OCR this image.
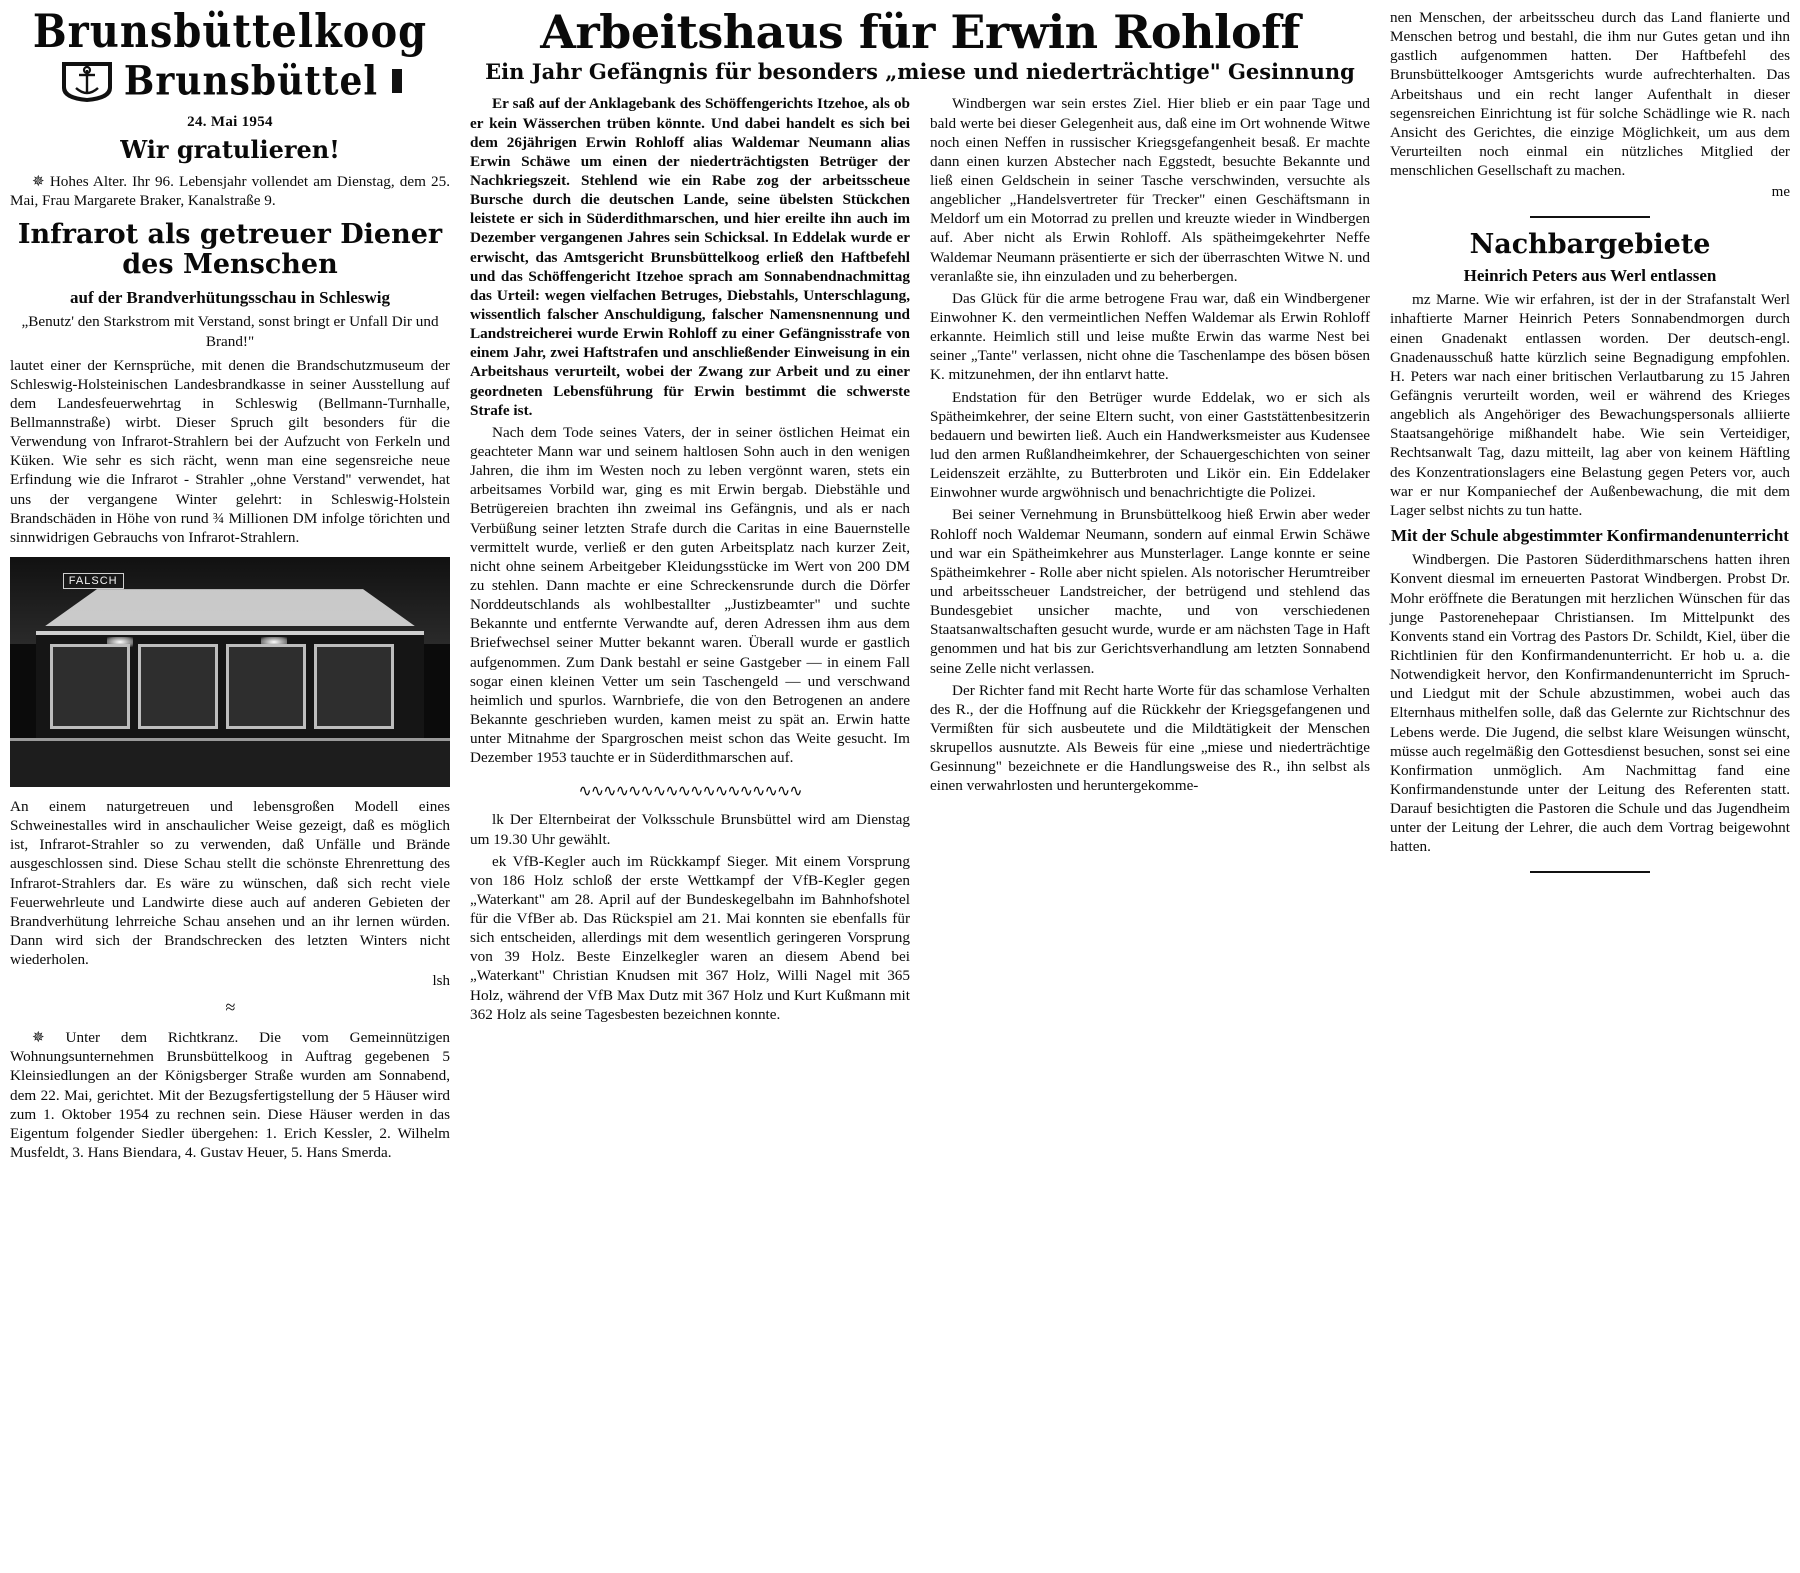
Brunsbüttelkoog
Brunsbüttel
24. Mai 1954
Wir gratulieren!

✵ Hohes Alter. Ihr 96. Lebensjahr vollendet am Dienstag, dem 25. Mai, Frau Margarete Braker, Kanalstraße 9.

Infrarot als getreuer Diener des Menschen
auf der Brandverhütungsschau in Schleswig

„Benutz' den Starkstrom mit Verstand, sonst bringt er Unfall Dir und Brand!"

lautet einer der Kernsprüche, mit denen die Brandschutzmuseum der Schleswig-Holsteinischen Landesbrandkasse in seiner Ausstellung auf dem Landesfeuerwehrtag in Schleswig (Bellmann-Turnhalle, Bellmannstraße) wirbt. Dieser Spruch gilt besonders für die Verwendung von Infrarot-Strahlern bei der Aufzucht von Ferkeln und Küken. Wie sehr es sich rächt, wenn man eine segensreiche neue Erfindung wie die Infrarot - Strahler „ohne Verstand" verwendet, hat uns der vergangene Winter gelehrt: in Schleswig-Holstein Brandschäden in Höhe von rund ¾ Millionen DM infolge törichten und sinnwidrigen Gebrauchs von Infrarot-Strahlern.

FALSCH

An einem naturgetreuen und lebensgroßen Modell eines Schweinestalles wird in anschaulicher Weise gezeigt, daß es möglich ist, Infrarot-Strahler so zu verwenden, daß Unfälle und Brände ausgeschlossen sind. Diese Schau stellt die schönste Ehrenrettung des Infrarot-Strahlers dar. Es wäre zu wünschen, daß sich recht viele Feuerwehrleute und Landwirte diese auch auf anderen Gebieten der Brandverhütung lehrreiche Schau ansehen und an ihr lernen würden. Dann wird sich der Brandschrecken des letzten Winters nicht wiederholen.

lsh

≈

✵ Unter dem Richtkranz. Die vom Gemeinnützigen Wohnungsunternehmen Brunsbüttelkoog in Auftrag gegebenen 5 Kleinsiedlungen an der Königsberger Straße wurden am Sonnabend, dem 22. Mai, gerichtet. Mit der Bezugsfertigstellung der 5 Häuser wird zum 1. Oktober 1954 zu rechnen sein. Diese Häuser werden in das Eigentum folgender Siedler übergehen: 1. Erich Kessler, 2. Wilhelm Musfeldt, 3. Hans Biendara, 4. Gustav Heuer, 5. Hans Smerda.

Arbeitshaus für Erwin Rohloff
Ein Jahr Gefängnis für besonders „miese und niederträchtige" Gesinnung

Er saß auf der Anklagebank des Schöffengerichts Itzehoe, als ob er kein Wässerchen trüben könnte. Und dabei handelt es sich bei dem 26jährigen Erwin Rohloff alias Waldemar Neumann alias Erwin Schäwe um einen der niederträchtigsten Betrüger der Nachkriegszeit. Stehlend wie ein Rabe zog der arbeitsscheue Bursche durch die deutschen Lande, seine übelsten Stückchen leistete er sich in Süderdithmarschen, und hier ereilte ihn auch im Dezember vergangenen Jahres sein Schicksal. In Eddelak wurde er erwischt, das Amtsgericht Brunsbüttelkoog erließ den Haftbefehl und das Schöffengericht Itzehoe sprach am Sonnabendnachmittag das Urteil: wegen vielfachen Betruges, Diebstahls, Unterschlagung, wissentlich falscher Anschuldigung, falscher Namensnennung und Landstreicherei wurde Erwin Rohloff zu einer Gefängnisstrafe von einem Jahr, zwei Haftstrafen und anschließender Einweisung in ein Arbeitshaus verurteilt, wobei der Zwang zur Arbeit und zu einer geordneten Lebensführung für Erwin bestimmt die schwerste Strafe ist.

Nach dem Tode seines Vaters, der in seiner östlichen Heimat ein geachteter Mann war und seinem haltlosen Sohn auch in den wenigen Jahren, die ihm im Westen noch zu leben vergönnt waren, stets ein arbeitsames Vorbild war, ging es mit Erwin bergab. Diebstähle und Betrügereien brachten ihn zweimal ins Gefängnis, und als er nach Verbüßung seiner letzten Strafe durch die Caritas in eine Bauernstelle vermittelt wurde, verließ er den guten Arbeitsplatz nach kurzer Zeit, nicht ohne seinem Arbeitgeber Kleidungsstücke im Wert von 200 DM zu stehlen. Dann machte er eine Schreckensrunde durch die Dörfer Norddeutschlands als wohlbestallter „Justizbeamter" und suchte Bekannte und entfernte Verwandte auf, deren Adressen ihm aus dem Briefwechsel seiner Mutter bekannt waren. Überall wurde er gastlich aufgenommen. Zum Dank bestahl er seine Gastgeber — in einem Fall sogar einen kleinen Vetter um sein Taschengeld — und verschwand heimlich und spurlos. Warnbriefe, die von den Betrogenen an andere Bekannte geschrieben wurden, kamen meist zu spät an. Erwin hatte unter Mitnahme der Spargroschen meist schon das Weite gesucht. Im Dezember 1953 tauchte er in Süderdithmarschen auf.

∿∿∿∿∿∿∿∿∿∿∿∿∿∿∿∿∿∿

lk Der Elternbeirat der Volksschule Brunsbüttel wird am Dienstag um 19.30 Uhr gewählt.

ek VfB-Kegler auch im Rückkampf Sieger. Mit einem Vorsprung von 186 Holz schloß der erste Wettkampf der VfB-Kegler gegen „Waterkant" am 28. April auf der Bundeskegelbahn im Bahnhofshotel für die VfBer ab. Das Rückspiel am 21. Mai konnten sie ebenfalls für sich entscheiden, allerdings mit dem wesentlich geringeren Vorsprung von 39 Holz. Beste Einzelkegler waren an diesem Abend bei „Waterkant" Christian Knudsen mit 367 Holz, Willi Nagel mit 365 Holz, während der VfB Max Dutz mit 367 Holz und Kurt Kußmann mit 362 Holz als seine Tagesbesten bezeichnen konnte.

Windbergen war sein erstes Ziel. Hier blieb er ein paar Tage und bald werte bei dieser Gelegenheit aus, daß eine im Ort wohnende Witwe noch einen Neffen in russischer Kriegsgefangenheit besaß. Er machte dann einen kurzen Abstecher nach Eggstedt, besuchte Bekannte und ließ einen Geldschein in seiner Tasche verschwinden, versuchte als angeblicher „Handelsvertreter für Trecker" einen Geschäftsmann in Meldorf um ein Motorrad zu prellen und kreuzte wieder in Windbergen auf. Aber nicht als Erwin Rohloff. Als spätheimgekehrter Neffe Waldemar Neumann präsentierte er sich der überraschten Witwe N. und veranlaßte sie, ihn einzuladen und zu beherbergen.

Das Glück für die arme betrogene Frau war, daß ein Windbergener Einwohner K. den vermeintlichen Neffen Waldemar als Erwin Rohloff erkannte. Heimlich still und leise mußte Erwin das warme Nest bei seiner „Tante" verlassen, nicht ohne die Taschenlampe des bösen bösen K. mitzunehmen, der ihn entlarvt hatte.

Endstation für den Betrüger wurde Eddelak, wo er sich als Spätheimkehrer, der seine Eltern sucht, von einer Gaststättenbesitzerin bedauern und bewirten ließ. Auch ein Handwerksmeister aus Kudensee lud den armen Rußlandheimkehrer, der Schauergeschichten von seiner Leidenszeit erzählte, zu Butterbroten und Likör ein. Ein Eddelaker Einwohner wurde argwöhnisch und benachrichtigte die Polizei.

Bei seiner Vernehmung in Brunsbüttelkoog hieß Erwin aber weder Rohloff noch Waldemar Neumann, sondern auf einmal Erwin Schäwe und war ein Spätheimkehrer aus Munsterlager. Lange konnte er seine Spätheimkehrer - Rolle aber nicht spielen. Als notorischer Herumtreiber und arbeitsscheuer Landstreicher, der betrügend und stehlend das Bundesgebiet unsicher machte, und von verschiedenen Staatsanwaltschaften gesucht wurde, wurde er am nächsten Tage in Haft genommen und hat bis zur Gerichtsverhandlung am letzten Sonnabend seine Zelle nicht verlassen.

Der Richter fand mit Recht harte Worte für das schamlose Verhalten des R., der die Hoffnung auf die Rückkehr der Kriegsgefangenen und Vermißten für sich ausbeutete und die Mildtätigkeit der Menschen skrupellos ausnutzte. Als Beweis für eine „miese und niederträchtige Gesinnung" bezeichnete er die Handlungsweise des R., ihn selbst als einen verwahrlosten und heruntergekomme-

nen Menschen, der arbeitsscheu durch das Land flanierte und Menschen betrog und bestahl, die ihm nur Gutes getan und ihn gastlich aufgenommen hatten. Der Haftbefehl des Brunsbüttelkooger Amtsgerichts wurde aufrechterhalten. Das Arbeitshaus und ein recht langer Aufenthalt in dieser segensreichen Einrichtung ist für solche Schädlinge wie R. nach Ansicht des Gerichtes, die einzige Möglichkeit, um aus dem Verurteilten noch einmal ein nützliches Mitglied der menschlichen Gesellschaft zu machen.

me

Nachbargebiete
Heinrich Peters aus Werl entlassen

mz Marne. Wie wir erfahren, ist der in der Strafanstalt Werl inhaftierte Marner Heinrich Peters Sonnabendmorgen durch einen Gnadenakt entlassen worden. Der deutsch-engl. Gnadenausschuß hatte kürzlich seine Begnadigung empfohlen. H. Peters war nach einer britischen Verlautbarung zu 15 Jahren Gefängnis verurteilt worden, weil er während des Krieges angeblich als Angehöriger des Bewachungspersonals alliierte Staatsangehörige mißhandelt habe. Wie sein Verteidiger, Rechtsanwalt Tag, dazu mitteilt, lag aber von keinem Häftling des Konzentrationslagers eine Belastung gegen Peters vor, auch war er nur Kompaniechef der Außenbewachung, die mit dem Lager selbst nichts zu tun hatte.

Mit der Schule abgestimmter Konfirmandenunterricht

Windbergen. Die Pastoren Süderdithmarschens hatten ihren Konvent diesmal im erneuerten Pastorat Windbergen. Probst Dr. Mohr eröffnete die Beratungen mit herzlichen Wünschen für das junge Pastorenehepaar Christiansen. Im Mittelpunkt des Konvents stand ein Vortrag des Pastors Dr. Schildt, Kiel, über die Richtlinien für den Konfirmandenunterricht. Er hob u. a. die Notwendigkeit hervor, den Konfirmandenunterricht im Spruch- und Liedgut mit der Schule abzustimmen, wobei auch das Elternhaus mithelfen solle, daß das Gelernte zur Richtschnur des Lebens werde. Die Jugend, die selbst klare Weisungen wünscht, müsse auch regelmäßig den Gottesdienst besuchen, sonst sei eine Konfirmation unmöglich. Am Nachmittag fand eine Konfirmandenstunde unter der Leitung des Referenten statt. Darauf besichtigten die Pastoren die Schule und das Jugendheim unter der Leitung der Lehrer, die auch dem Vortrag beigewohnt hatten.
